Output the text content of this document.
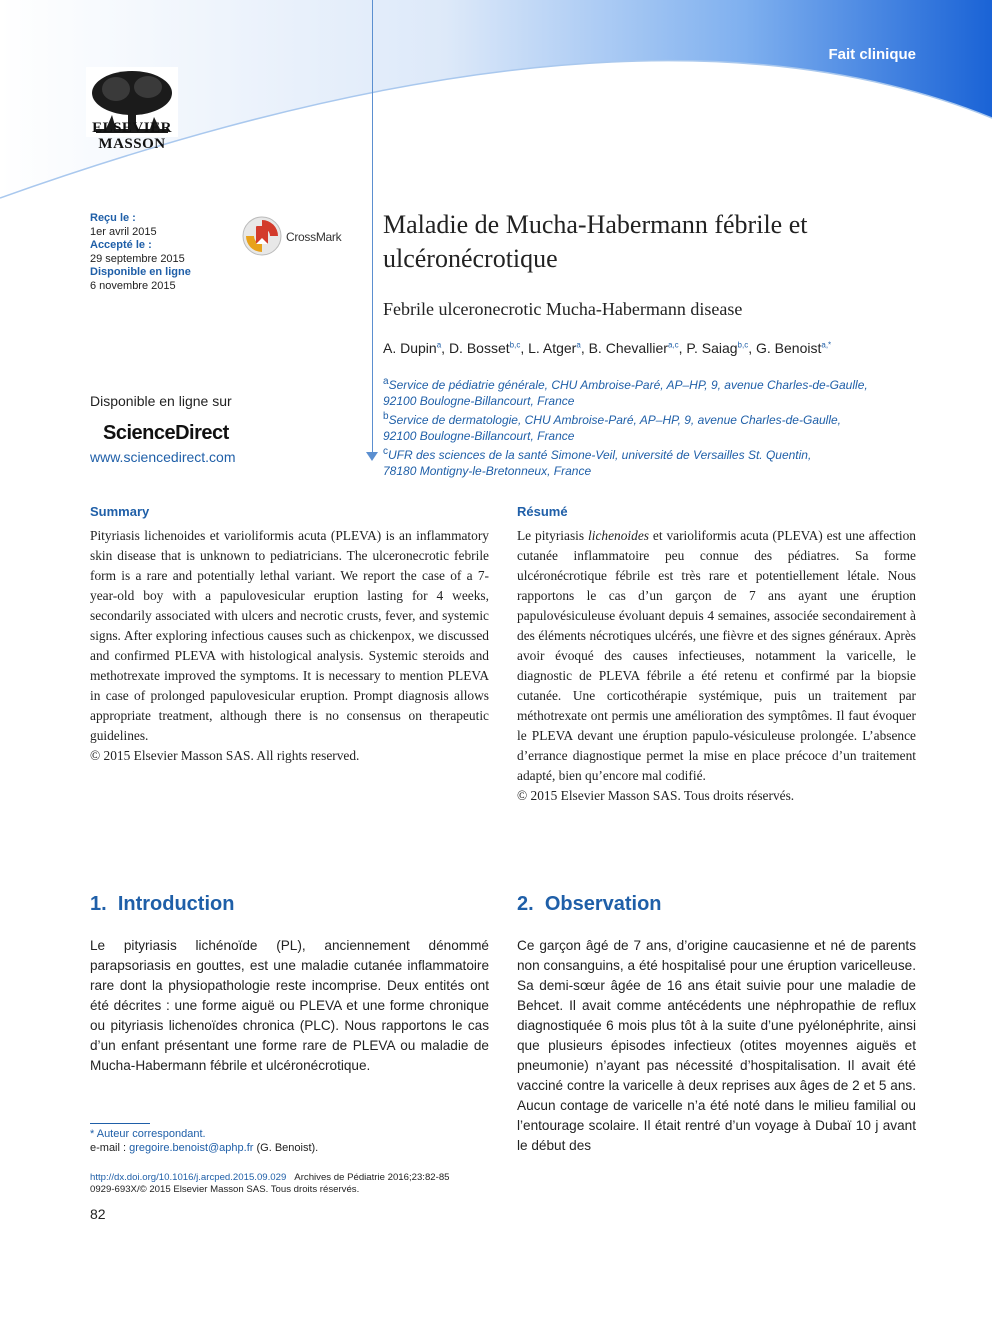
Fait clinique
ELSEVIER
MASSON
Reçu le :
1er avril 2015
Accepté le :
29 septembre 2015
Disponible en ligne
6 novembre 2015
CrossMark Maladie de Mucha-Habermann fébrile et ulcéronécrotique
Febrile ulceronecrotic Mucha-Habermann disease
A. Dupin$^a$, D. Bosset$^{b,c}$, L. Atger$^a$, B. Chevallier$^{a,c}$, P. Saiag$^{b,c}$, G. Benoist$^{a,*}$
$^a$Service de pédiatrie générale, CHU Ambroise-Paré, AP–HP, 9, avenue Charles-de-Gaulle,
92100 Boulogne-Billancourt, France
$^b$Service de dermatologie, CHU Ambroise-Paré, AP–HP, 9, avenue Charles-de-Gaulle,
92100 Boulogne-Billancourt, France
$^c$UFR des sciences de la santé Simone-Veil, université de Versailles St. Quentin,
78180 Montigny-le-Bretonneux, France
Disponible en ligne sur
ScienceDirect
www.sciencedirect.com
Summary
Pityriasis lichenoides et varioliformis acuta (PLEVA) is an inflammatory skin disease that is unknown to pediatricians. The ulceronecrotic febrile form is a rare and potentially lethal variant. We report the case of a 7-year-old boy with a papulovesicular eruption lasting for 4 weeks, secondarily associated with ulcers and necrotic crusts, fever, and systemic signs. After exploring infectious causes such as chickenpox, we discussed and confirmed PLEVA with histological analysis. Systemic steroids and methotrexate improved the symptoms. It is necessary to mention PLEVA in case of prolonged papulovesicular eruption. Prompt diagnosis allows appropriate treatment, although there is no consensus on therapeutic guidelines.
© 2015 Elsevier Masson SAS. All rights reserved.
Résumé
Le pityriasis lichenoides et varioliformis acuta (PLEVA) est une affection cutanée inflammatoire peu connue des pédiatres. Sa forme ulcéronécrotique fébrile est très rare et potentiellement létale. Nous rapportons le cas d’un garçon de 7 ans ayant une éruption papulovésiculeuse évoluant depuis 4 semaines, associée secondairement à des éléments nécrotiques ulcérés, une fièvre et des signes généraux. Après avoir évoqué des causes infectieuses, notamment la varicelle, le diagnostic de PLEVA fébrile a été retenu et confirmé par la biopsie cutanée. Une corticothérapie systémique, puis un traitement par méthotrexate ont permis une amélioration des symptômes. Il faut évoquer le PLEVA devant une éruption papulo-vésiculeuse prolongée. L’absence d’errance diagnostique permet la mise en place précoce d’un traitement adapté, bien qu’encore mal codifié.
© 2015 Elsevier Masson SAS. Tous droits réservés.
1. Introduction
Le pityriasis lichénoïde (PL), anciennement dénommé parapsoriasis en gouttes, est une maladie cutanée inflammatoire rare dont la physiopathologie reste incomprise. Deux entités ont été décrites : une forme aiguë ou PLEVA et une forme chronique ou pityriasis lichenoïdes chronica (PLC). Nous rapportons le cas d’un enfant présentant une forme rare de PLEVA ou maladie de Mucha-Habermann fébrile et ulcéronécrotique.
2. Observation
Ce garçon âgé de 7 ans, d’origine caucasienne et né de parents non consanguins, a été hospitalisé pour une éruption varicelleuse. Sa demi-sœur âgée de 16 ans était suivie pour une maladie de Behcet. Il avait comme antécédents une néphropathie de reflux diagnostiquée 6 mois plus tôt à la suite d’une pyélonéphrite, ainsi que plusieurs épisodes infectieux (otites moyennes aiguës et pneumonie) n’ayant pas nécessité d’hospitalisation. Il avait été vacciné contre la varicelle à deux reprises aux âges de 2 et 5 ans. Aucun contage de varicelle n’a été noté dans le milieu familial ou l’entourage scolaire. Il était rentré d’un voyage à Dubaï 10 j avant le début des
* Auteur correspondant.
e-mail : gregoire.benoist@aphp.fr (G. Benoist).
http://dx.doi.org/10.1016/j.arcped.2015.09.029 Archives de Pédiatrie 2016;23:82-85
0929-693X/© 2015 Elsevier Masson SAS. Tous droits réservés.
82
